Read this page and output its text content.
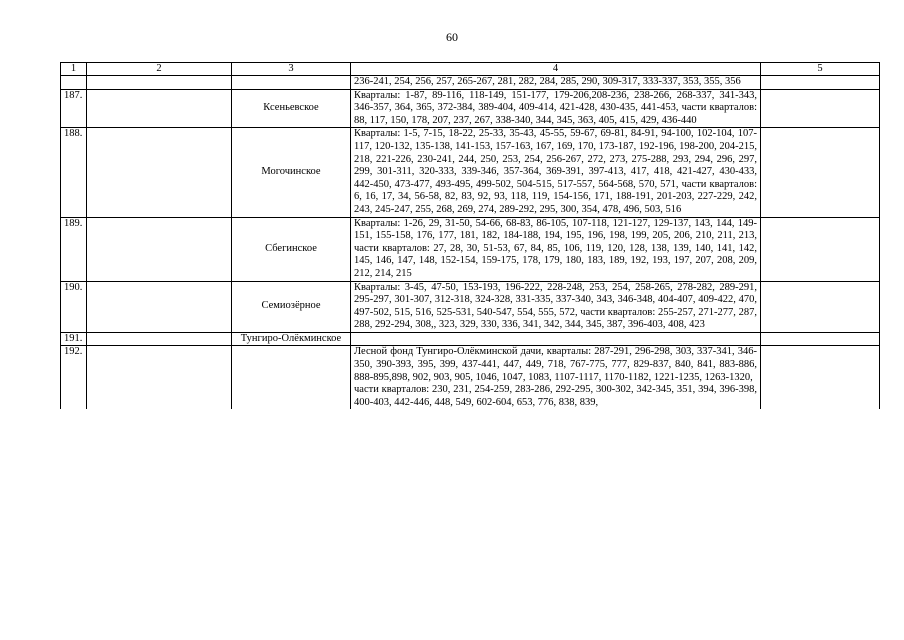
60
1	2	3	4	5
			236-241, 254, 256, 257, 265-267, 281, 282, 284, 285, 290, 309-317, 333-337, 353, 355, 356	
187.		Ксеньевское	Кварталы: 1-87, 89-116, 118-149, 151-177, 179-206,208-236, 238-266, 268-337, 341-343, 346-357, 364, 365, 372-384, 389-404, 409-414, 421-428, 430-435, 441-453, части кварталов: 88, 117, 150, 178, 207, 237, 267, 338-340, 344, 345, 363, 405, 415, 429, 436-440	
188.		Могочинское	Кварталы: 1-5, 7-15, 18-22, 25-33, 35-43, 45-55, 59-67, 69-81, 84-91, 94-100, 102-104, 107-117, 120-132, 135-138, 141-153, 157-163, 167, 169, 170, 173-187, 192-196, 198-200, 204-215, 218, 221-226, 230-241, 244, 250, 253, 254, 256-267, 272, 273, 275-288, 293, 294, 296, 297, 299, 301-311, 320-333, 339-346, 357-364, 369-391, 397-413, 417, 418, 421-427, 430-433, 442-450, 473-477, 493-495, 499-502, 504-515, 517-557, 564-568, 570, 571, части кварталов: 6, 16, 17, 34, 56-58, 82, 83, 92, 93, 118, 119, 154-156, 171, 188-191, 201-203, 227-229, 242, 243, 245-247, 255, 268, 269, 274, 289-292, 295, 300, 354, 478, 496, 503, 516	
189.		Сбегинское	Кварталы: 1-26, 29, 31-50, 54-66, 68-83, 86-105, 107-118, 121-127, 129-137, 143, 144, 149-151, 155-158, 176, 177, 181, 182, 184-188, 194, 195, 196, 198, 199, 205, 206, 210, 211, 213, части кварталов: 27, 28, 30, 51-53, 67, 84, 85, 106, 119, 120, 128, 138, 139, 140, 141, 142, 145, 146, 147, 148, 152-154, 159-175, 178, 179, 180, 183, 189, 192, 193, 197, 207, 208, 209, 212, 214, 215	
190.		Семиозёрное	Кварталы: 3-45, 47-50, 153-193, 196-222, 228-248, 253, 254, 258-265, 278-282, 289-291, 295-297, 301-307, 312-318, 324-328, 331-335, 337-340, 343, 346-348, 404-407, 409-422, 470, 497-502, 515, 516, 525-531, 540-547, 554, 555, 572, части кварталов: 255-257, 271-277, 287, 288, 292-294, 308,, 323, 329, 330, 336, 341, 342, 344, 345, 387, 396-403, 408, 423	
191.		Тунгиро-Олёкминское		
192.			Лесной фонд Тунгиро-Олёкминской дачи, кварталы: 287-291, 296-298, 303, 337-341, 346-350, 390-393, 395, 399, 437-441, 447, 449, 718, 767-775, 777, 829-837, 840, 841, 883-886, 888-895,898, 902, 903, 905, 1046, 1047, 1083, 1107-1117, 1170-1182, 1221-1235, 1263-1320,
части кварталов: 230, 231, 254-259, 283-286, 292-295, 300-302, 342-345, 351, 394, 396-398, 400-403, 442-446, 448, 549, 602-604, 653, 776, 838, 839,	
